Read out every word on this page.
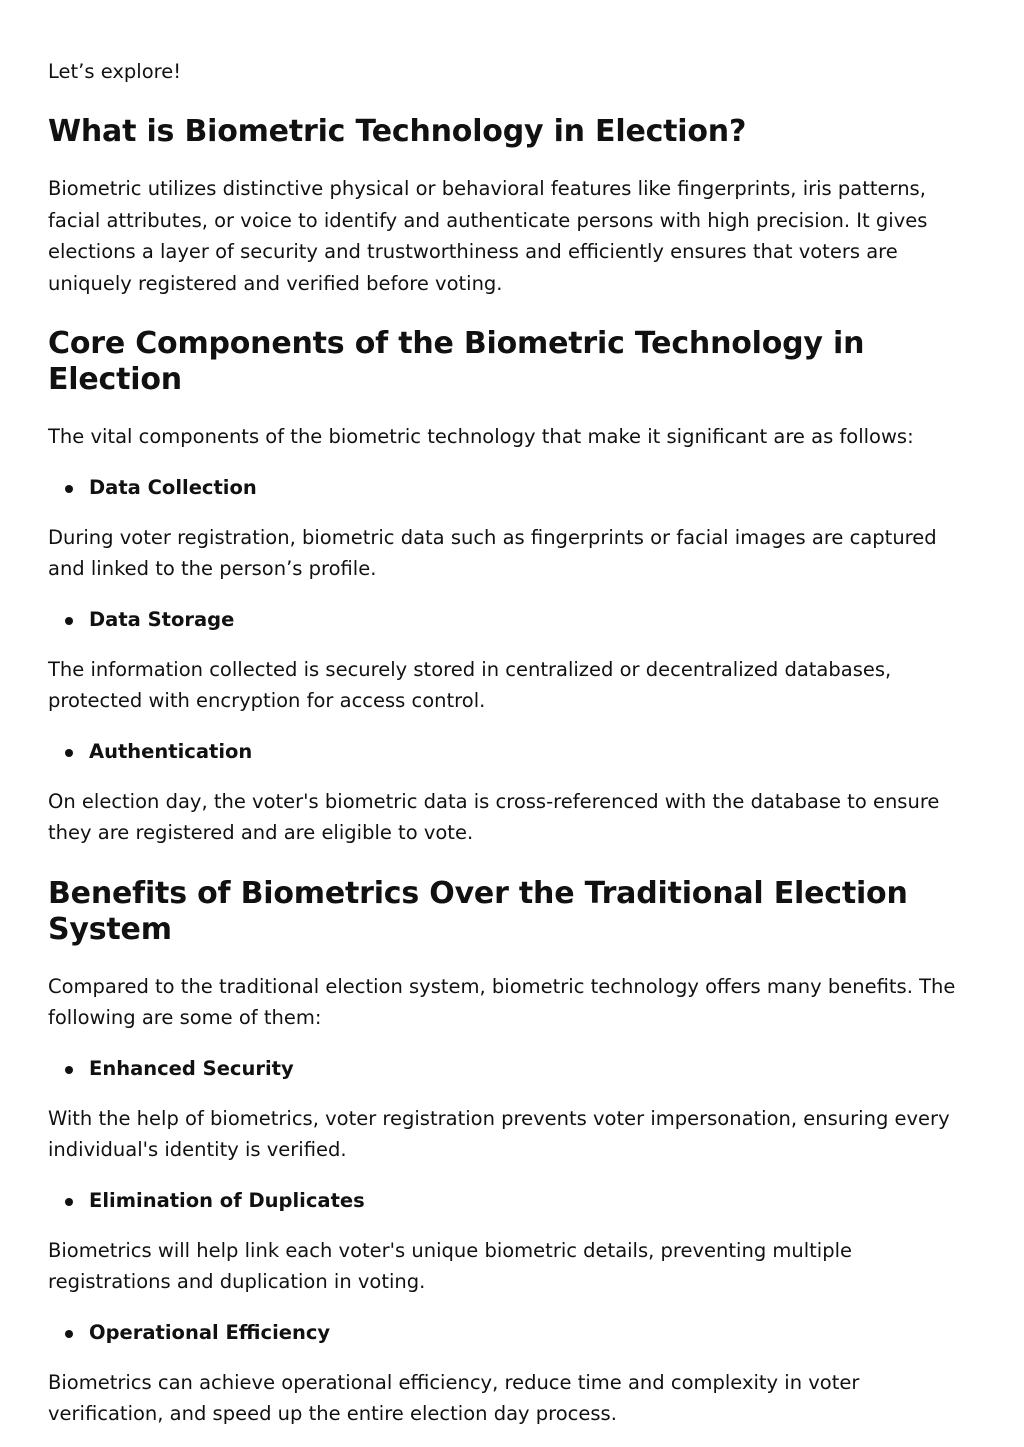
Let’s explore!

What is Biometric Technology in Election?

Biometric utilizes distinctive physical or behavioral features like fingerprints, iris patterns, facial attributes, or voice to identify and authenticate persons with high precision. It gives elections a layer of security and trustworthiness and efficiently ensures that voters are uniquely registered and verified before voting.

Core Components of the Biometric Technology in Election

The vital components of the biometric technology that make it significant are as follows:

Data Collection

During voter registration, biometric data such as fingerprints or facial images are captured and linked to the person’s profile.

Data Storage

The information collected is securely stored in centralized or decentralized databases, protected with encryption for access control.

Authentication

On election day, the voter's biometric data is cross-referenced with the database to ensure they are registered and are eligible to vote.

Benefits of Biometrics Over the Traditional Election System

Compared to the traditional election system, biometric technology offers many benefits. The following are some of them:

Enhanced Security

With the help of biometrics, voter registration prevents voter impersonation, ensuring every individual's identity is verified.

Elimination of Duplicates

Biometrics will help link each voter's unique biometric details, preventing multiple registrations and duplication in voting.

Operational Efficiency

Biometrics can achieve operational efficiency, reduce time and complexity in voter verification, and speed up the entire election day process.
